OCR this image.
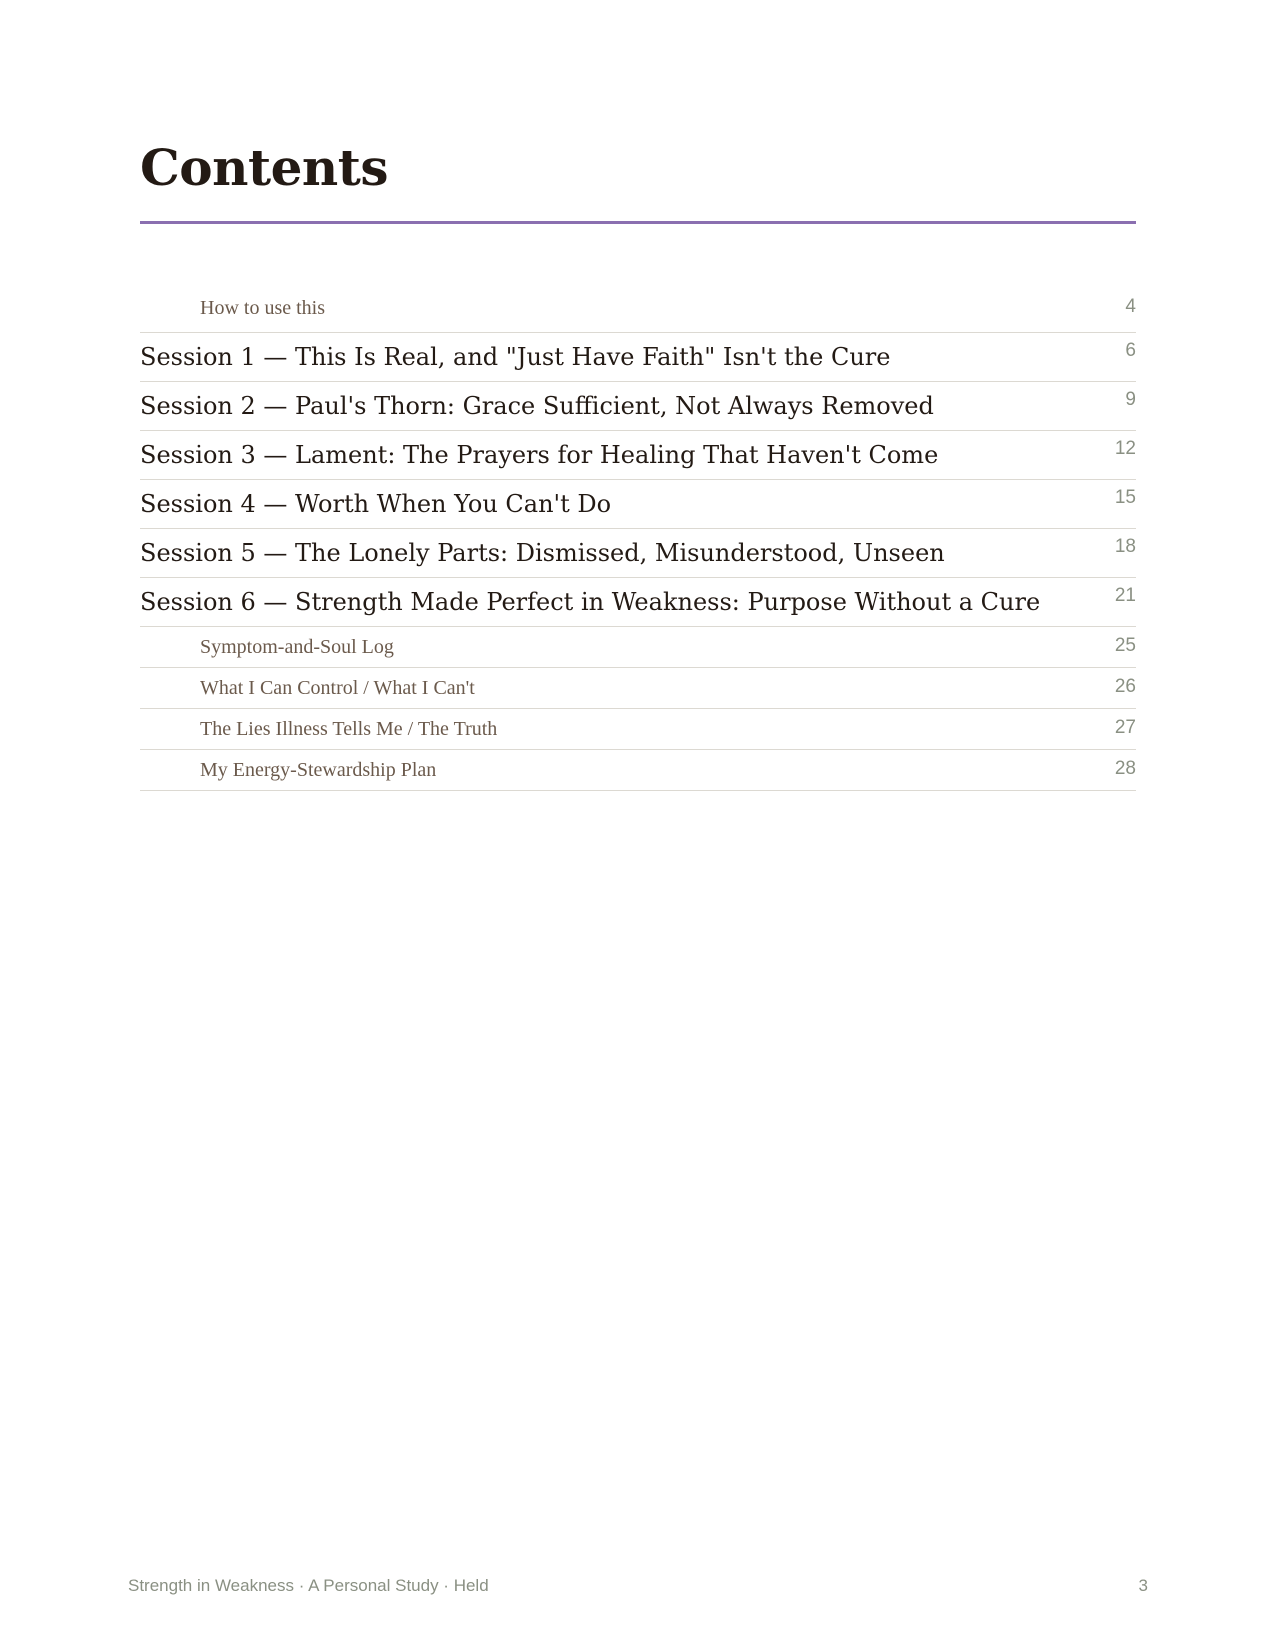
Contents
How to use this	4
Session 1 — This Is Real, and "Just Have Faith" Isn't the Cure	6
Session 2 — Paul's Thorn: Grace Sufficient, Not Always Removed	9
Session 3 — Lament: The Prayers for Healing That Haven't Come	12
Session 4 — Worth When You Can't Do	15
Session 5 — The Lonely Parts: Dismissed, Misunderstood, Unseen	18
Session 6 — Strength Made Perfect in Weakness: Purpose Without a Cure	21
Symptom-and-Soul Log	25
What I Can Control / What I Can't	26
The Lies Illness Tells Me / The Truth	27
My Energy-Stewardship Plan	28
Strength in Weakness · A Personal Study · Held	3
